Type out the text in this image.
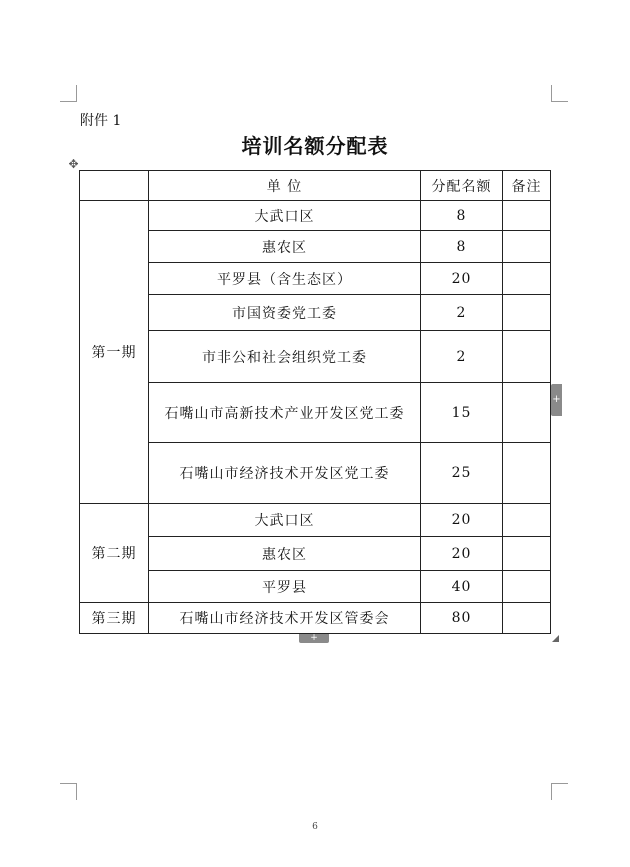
附件 1
培训名额分配表
✥
	单 位	分配名额	备注
第一期	大武口区	8	
	惠农区	8	
	平罗县（含生态区）	20	
	市国资委党工委	2	
	市非公和社会组织党工委	2	
	石嘴山市高新技术产业开发区党工委	15	
	石嘴山市经济技术开发区党工委	25	
第二期	大武口区	20	
	惠农区	20	
	平罗县	40	
第三期	石嘴山市经济技术开发区管委会	80	
+
+
6
